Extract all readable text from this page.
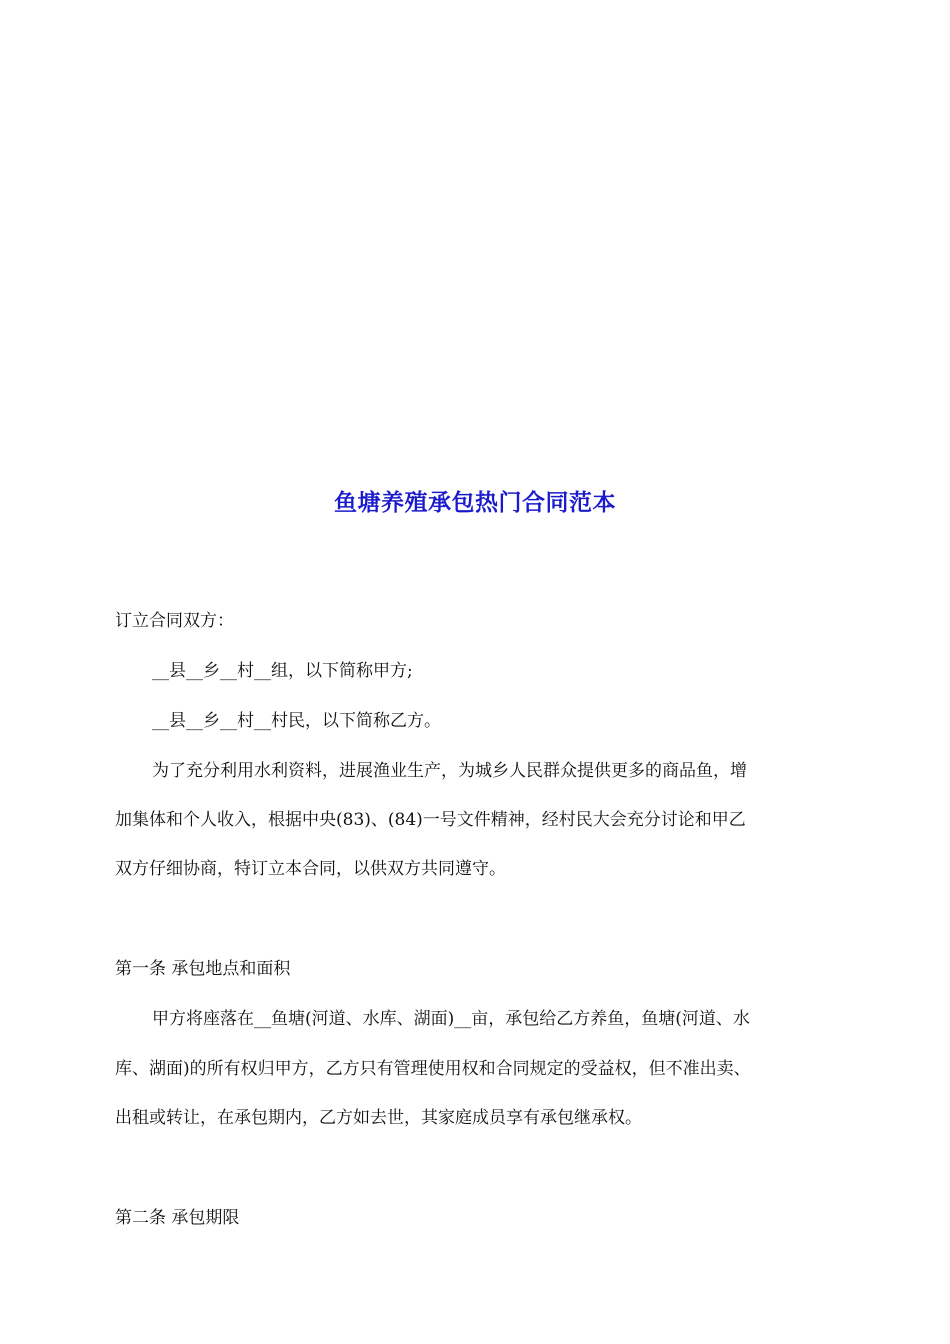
鱼塘养殖承包热门合同范本
订立合同双方：
__县__乡__村__组，以下简称甲方;
__县__乡__村__村民，以下简称乙方。
为了充分利用水利资料，进展渔业生产，为城乡人民群众提供更多的商品鱼，增
加集体和个人收入，根据中央(83)、(84)一号文件精神，经村民大会充分讨论和甲乙
双方仔细协商，特订立本合同，以供双方共同遵守。
第一条 承包地点和面积
甲方将座落在__鱼塘(河道、水库、湖面)__亩，承包给乙方养鱼，鱼塘(河道、水
库、湖面)的所有权归甲方，乙方只有管理使用权和合同规定的受益权，但不准出卖、
出租或转让，在承包期内，乙方如去世，其家庭成员享有承包继承权。
第二条 承包期限
